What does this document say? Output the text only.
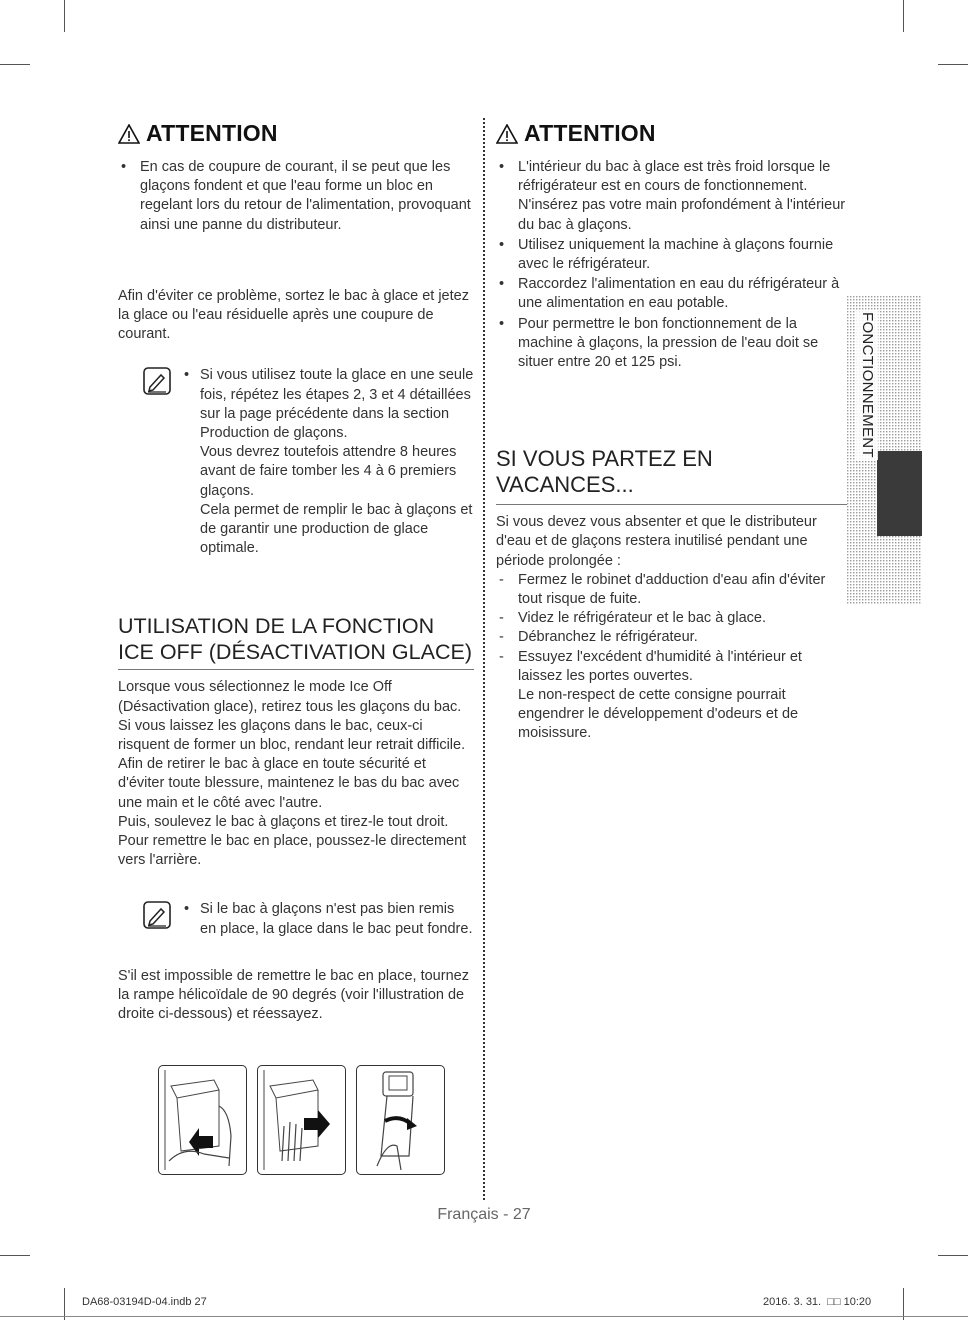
ATTENTION
• En cas de coupure de courant, il se peut que les glaçons fondent et que l'eau forme un bloc en regelant lors du retour de l'alimentation, provoquant ainsi une panne du distributeur.

Afin d'éviter ce problème, sortez le bac à glace et jetez la glace ou l'eau résiduelle après une coupure de courant.

• Si vous utilisez toute la glace en une seule fois, répétez les étapes 2, 3 et 4 détaillées sur la page précédente dans la section Production de glaçons.

Vous devrez toutefois attendre 8 heures avant de faire tomber les 4 à 6 premiers glaçons.

Cela permet de remplir le bac à glaçons et de garantir une production de glace optimale.

UTILISATION DE LA FONCTION
ICE OFF (DÉSACTIVATION GLACE)

Lorsque vous sélectionnez le mode Ice Off (Désactivation glace), retirez tous les glaçons du bac. Si vous laissez les glaçons dans le bac, ceux-ci risquent de former un bloc, rendant leur retrait difficile.

Afin de retirer le bac à glace en toute sécurité et d'éviter toute blessure, maintenez le bas du bac avec une main et le côté avec l'autre.

Puis, soulevez le bac à glaçons et tirez-le tout droit.

Pour remettre le bac en place, poussez-le directement vers l'arrière.

• Si le bac à glaçons n'est pas bien remis en place, la glace dans le bac peut fondre.

S'il est impossible de remettre le bac en place, tournez la rampe hélicoïdale de 90 degrés (voir l'illustration de droite ci-dessous) et réessayez.

ATTENTION
• L'intérieur du bac à glace est très froid lorsque le réfrigérateur est en cours de fonctionnement. N'insérez pas votre main profondément à l'intérieur du bac à glaçons.
• Utilisez uniquement la machine à glaçons fournie avec le réfrigérateur.
• Raccordez l'alimentation en eau du réfrigérateur à une alimentation en eau potable.
• Pour permettre le bon fonctionnement de la machine à glaçons, la pression de l'eau doit se situer entre 20 et 125 psi.
SI VOUS PARTEZ EN VACANCES...

Si vous devez vous absenter et que le distributeur d'eau et de glaçons restera inutilisé pendant une période prolongée :

- Fermez le robinet d'adduction d'eau afin d'éviter tout risque de fuite.
- Videz le réfrigérateur et le bac à glace.
- Débranchez le réfrigérateur.
- Essuyez l'excédent d'humidité à l'intérieur et laissez les portes ouvertes.
Le non-respect de cette consigne pourrait engendrer le développement d'odeurs et de moisissure.
FONCTIONNEMENT
Français - 27
DA68-03194D-04.indb 27	2016. 3. 31. □□ 10:20
